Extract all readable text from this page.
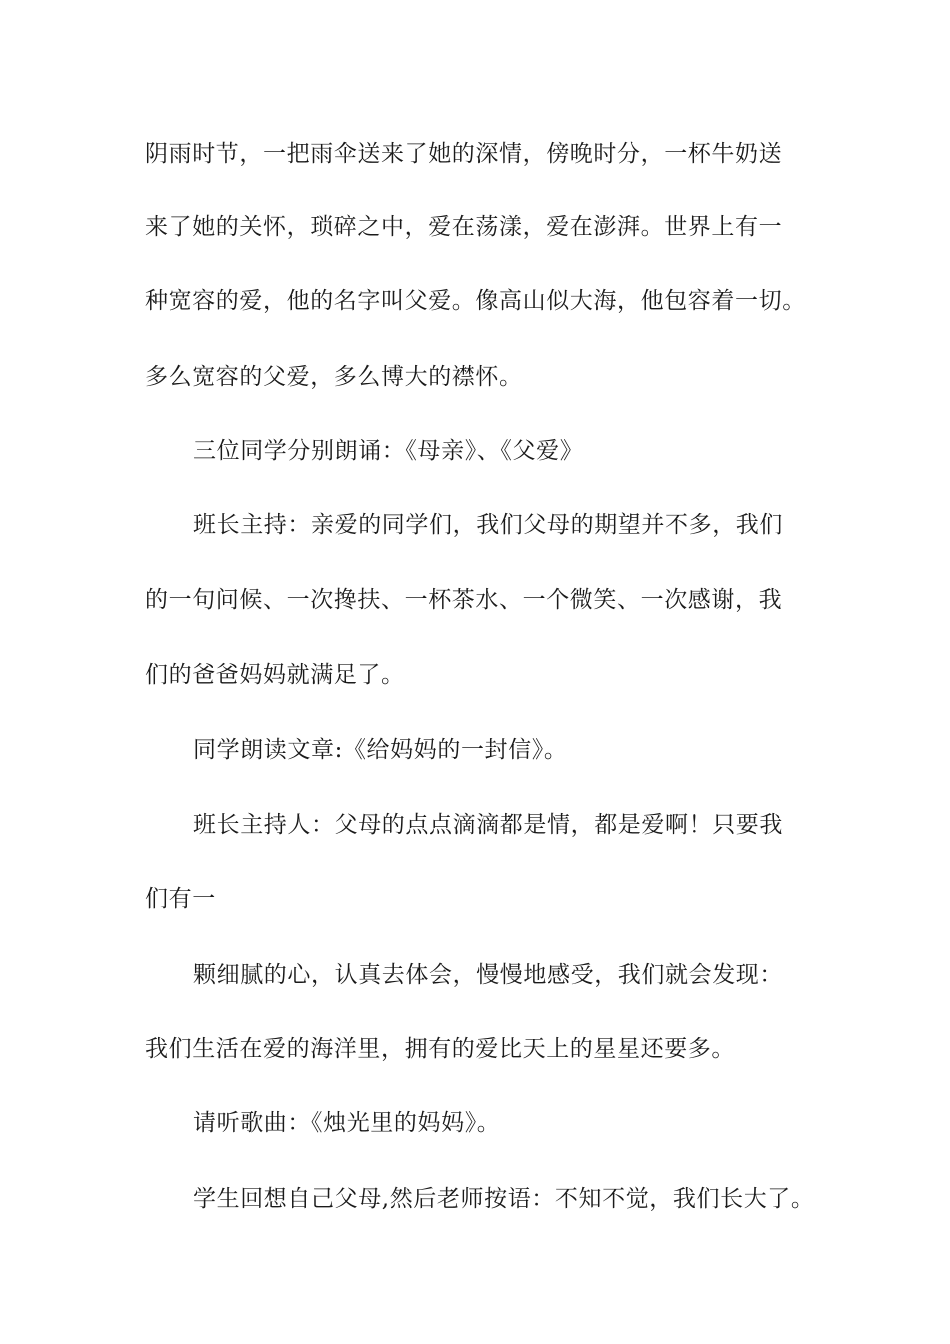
阴雨时节，一把雨伞送来了她的深情，傍晚时分，一杯牛奶送
来了她的关怀，琐碎之中，爱在荡漾，爱在澎湃。世界上有一
种宽容的爱，他的名字叫父爱。像高山似大海，他包容着一切。
多么宽容的父爱，多么博大的襟怀。
三位同学分别朗诵：《母亲》、《父爱》
班长主持：亲爱的同学们，我们父母的期望并不多，我们
的一句问候、一次搀扶、一杯茶水、一个微笑、一次感谢，我
们的爸爸妈妈就满足了。
同学朗读文章:《给妈妈的一封信》。
班长主持人：父母的点点滴滴都是情，都是爱啊！只要我
们有一
颗细腻的心，认真去体会，慢慢地感受，我们就会发现：
我们生活在爱的海洋里，拥有的爱比天上的星星还要多。
请听歌曲：《烛光里的妈妈》。
学生回想自己父母,然后老师按语：不知不觉，我们长大了。
